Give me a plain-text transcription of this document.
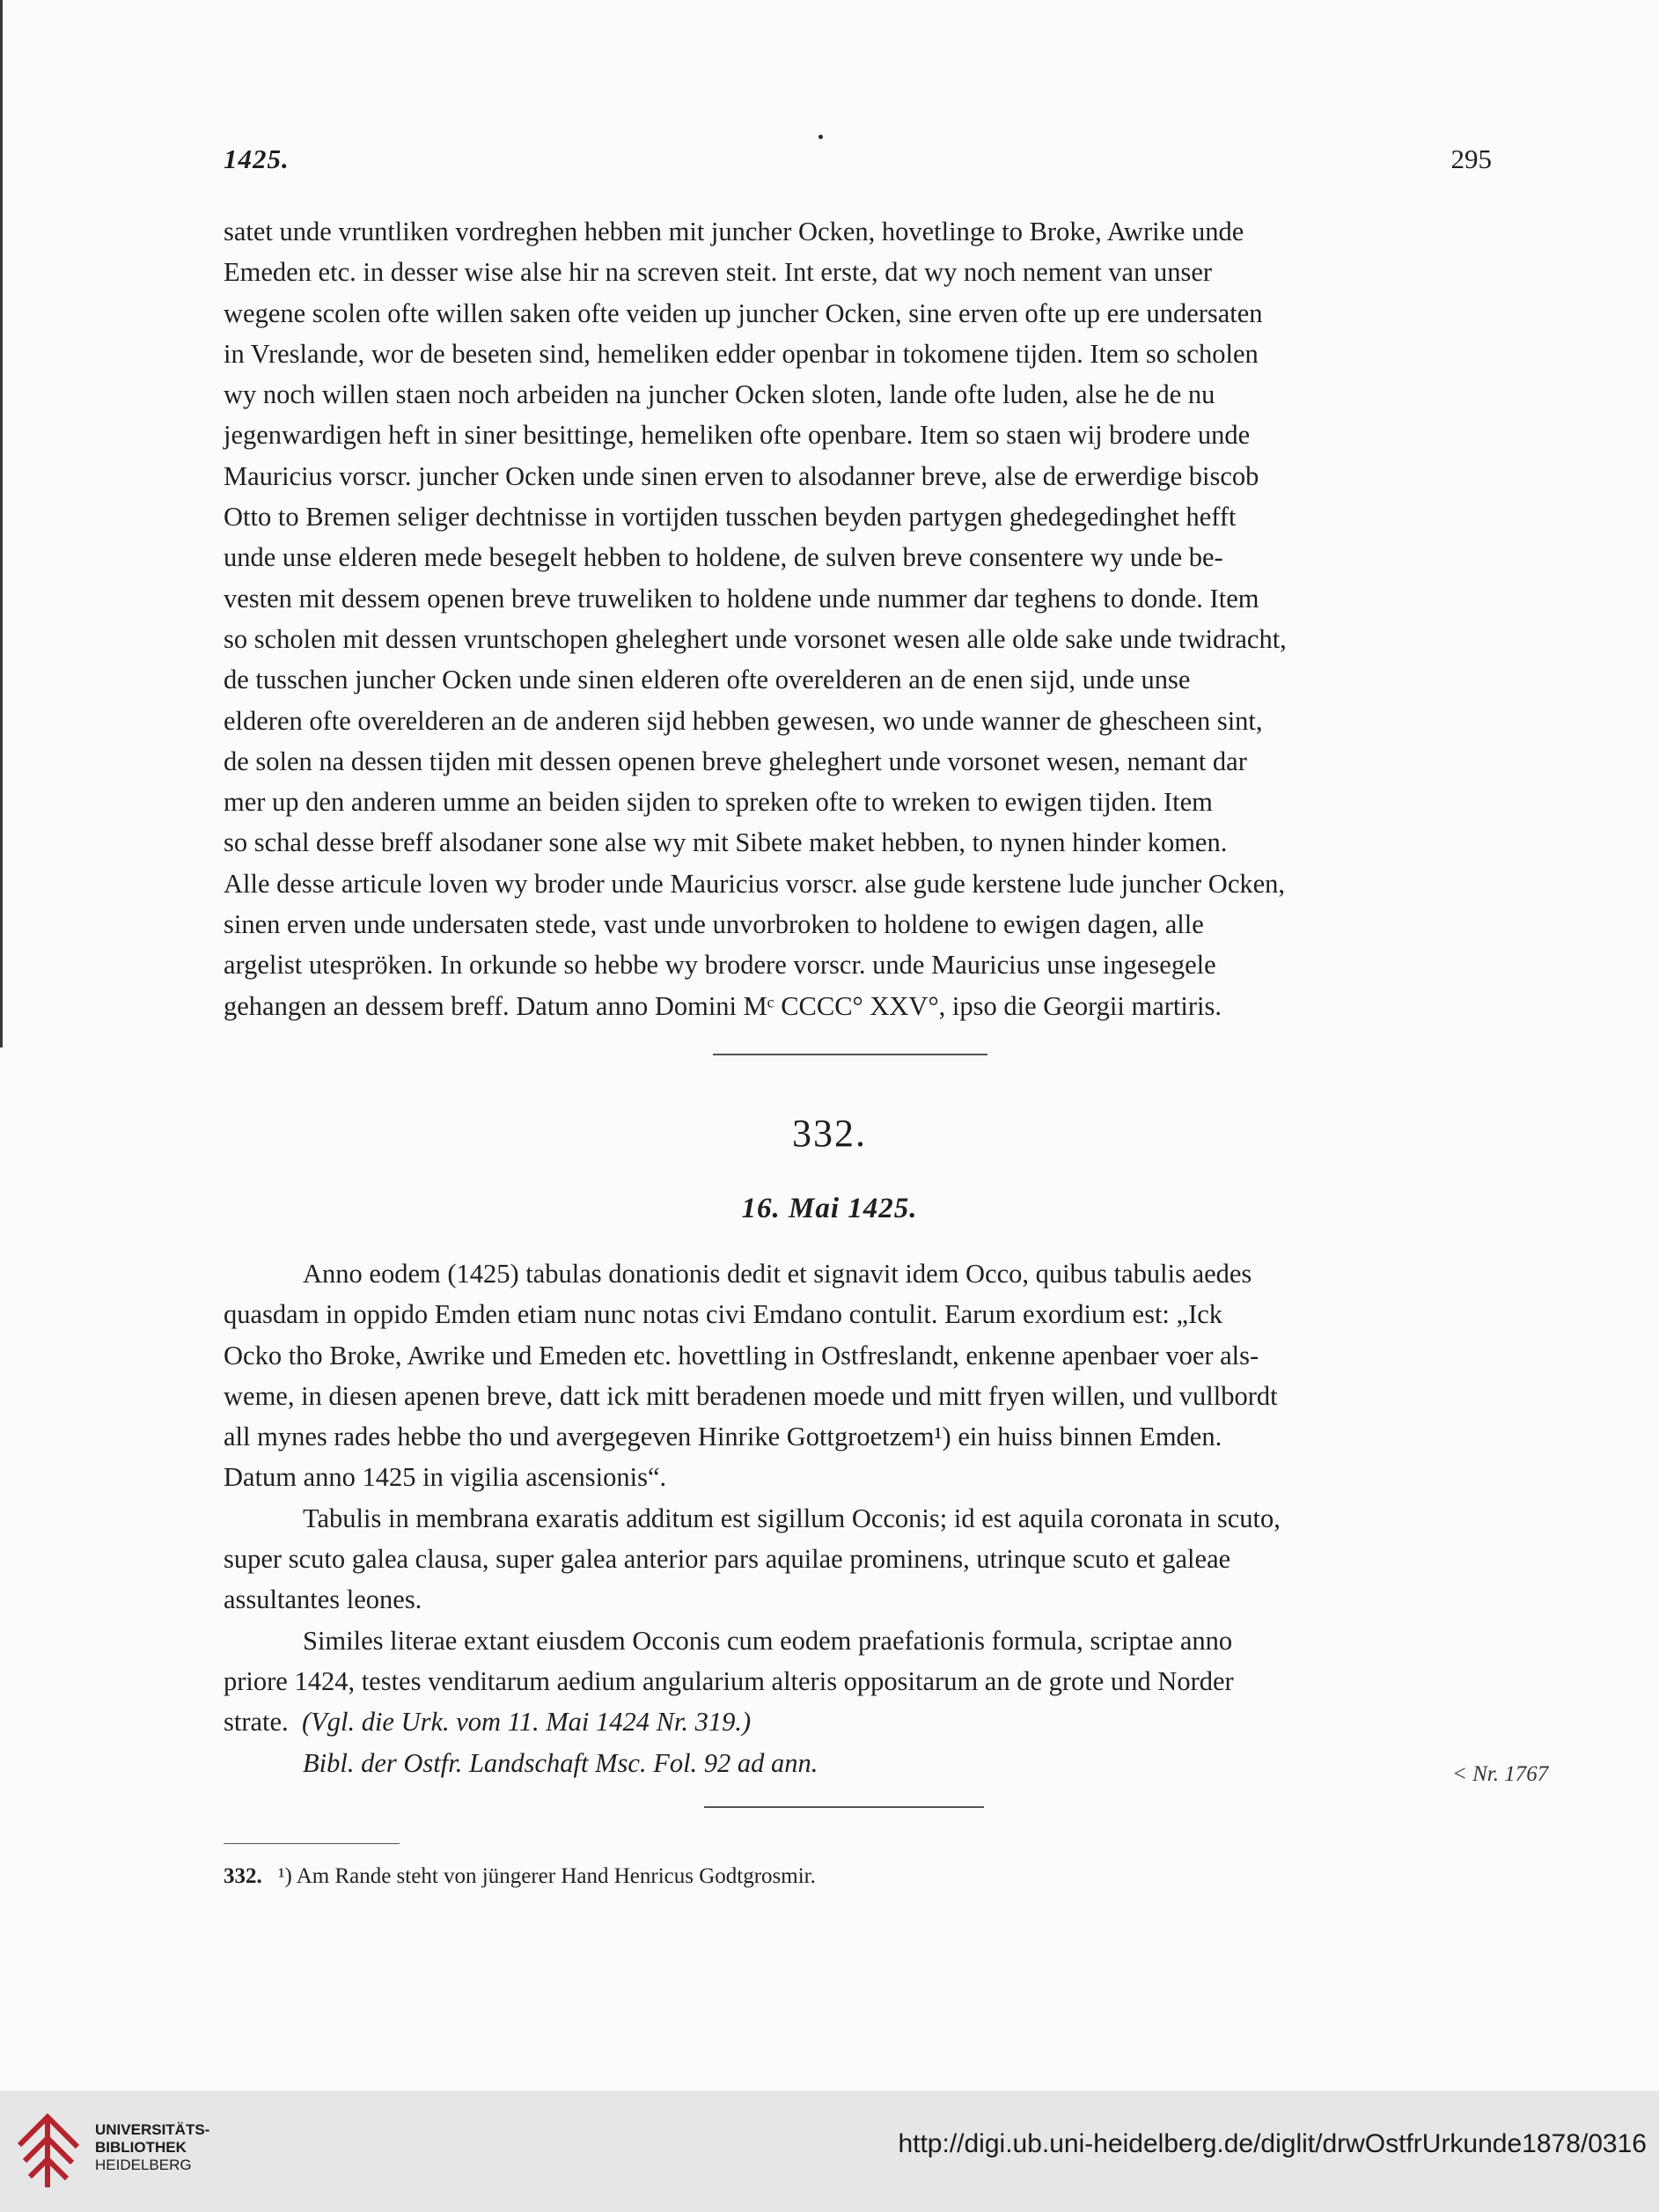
1425.	295

satet unde vruntliken vordreghen hebben mit juncher Ocken, hovetlinge to Broke, Awrike unde

Emeden etc. in desser wise alse hir na screven steit. Int erste, dat wy noch nement van unser

wegene scolen ofte willen saken ofte veiden up juncher Ocken, sine erven ofte up ere undersaten

in Vreslande, wor de beseten sind, hemeliken edder openbar in tokomene tijden. Item so scholen

wy noch willen staen noch arbeiden na juncher Ocken sloten, lande ofte luden, alse he de nu

jegenwardigen heft in siner besittinge, hemeliken ofte openbare. Item so staen wij brodere unde

Mauricius vorscr. juncher Ocken unde sinen erven to alsodanner breve, alse de erwerdige biscob

Otto to Bremen seliger dechtnisse in vortijden tusschen beyden partygen ghedegedinghet hefft

unde unse elderen mede besegelt hebben to holdene, de sulven breve consentere wy unde be-

vesten mit dessem openen breve truweliken to holdene unde nummer dar teghens to donde. Item

so scholen mit dessen vruntschopen gheleghert unde vorsonet wesen alle olde sake unde twidracht,

de tusschen juncher Ocken unde sinen elderen ofte overelderen an de enen sijd, unde unse

elderen ofte overelderen an de anderen sijd hebben gewesen, wo unde wanner de ghescheen sint,

de solen na dessen tijden mit dessen openen breve gheleghert unde vorsonet wesen, nemant dar

mer up den anderen umme an beiden sijden to spreken ofte to wreken to ewigen tijden. Item

so schal desse breff alsodaner sone alse wy mit Sibete maket hebben, to nynen hinder komen.

Alle desse articule loven wy broder unde Mauricius vorscr. alse gude kerstene lude juncher Ocken,

sinen erven unde undersaten stede, vast unde unvorbroken to holdene to ewigen dagen, alle

argelist utespröken. In orkunde so hebbe wy brodere vorscr. unde Mauricius unse ingesegele

gehangen an dessem breff. Datum anno Domini Mᶜ CCCC° XXV°, ipso die Georgii martiris.

332.
16. Mai 1425.

Anno eodem (1425) tabulas donationis dedit et signavit idem Occo, quibus tabulis aedes

quasdam in oppido Emden etiam nunc notas civi Emdano contulit. Earum exordium est: „Ick

Ocko tho Broke, Awrike und Emeden etc. hovettling in Ostfreslandt, enkenne apenbaer voer als-

weme, in diesen apenen breve, datt ick mitt beradenen moede und mitt fryen willen, und vullbordt

all mynes rades hebbe tho und avergegeven Hinrike Gottgroetzem¹) ein huiss binnen Emden.

Datum anno 1425 in vigilia ascensionis“.

Tabulis in membrana exaratis additum est sigillum Occonis; id est aquila coronata in scuto,

super scuto galea clausa, super galea anterior pars aquilae prominens, utrinque scuto et galeae

assultantes leones.

Similes literae extant eiusdem Occonis cum eodem praefationis formula, scriptae anno

priore 1424, testes venditarum aedium angularium alteris oppositarum an de grote und Norder

strate. (Vgl. die Urk. vom 11. Mai 1424 Nr. 319.)

Bibl. der Ostfr. Landschaft Msc. Fol. 92 ad ann.	< Nr. 1767
332. ¹) Am Rande steht von jüngerer Hand Henricus Godtgrosmir.
UNIVERSITÄTS-
BIBLIOTHEK
HEIDELBERG
http://digi.ub.uni-heidelberg.de/diglit/drwOstfrUrkunde1878/0316
